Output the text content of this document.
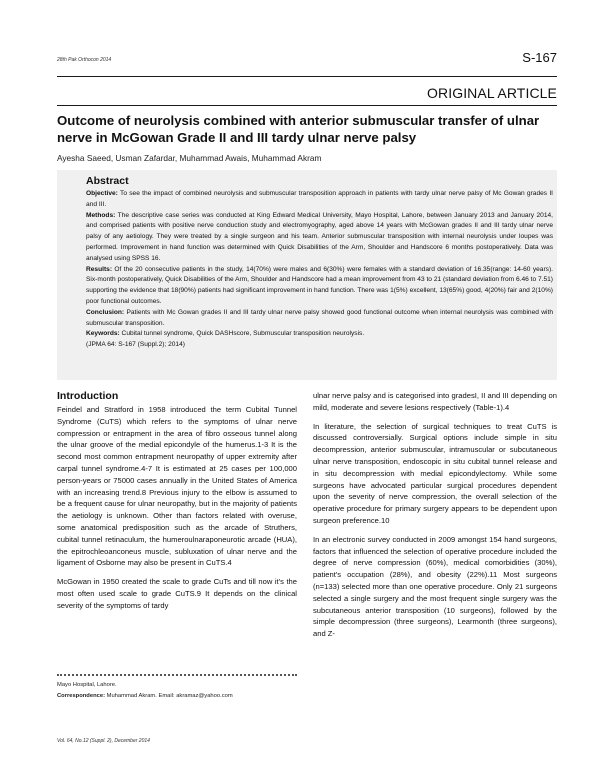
28th Pak Orthocon 2014	S-167
ORIGINAL ARTICLE
Outcome of neurolysis combined with anterior submuscular transfer of ulnar nerve in McGowan Grade II and III tardy ulnar nerve palsy
Ayesha Saeed, Usman Zafardar, Muhammad Awais, Muhammad Akram
Abstract

Objective: To see the impact of combined neurolysis and submuscular transposition approach in patients with tardy ulnar nerve palsy of Mc Gowan grades II and III.

Methods: The descriptive case series was conducted at King Edward Medical University, Mayo Hospital, Lahore, between January 2013 and January 2014, and comprised patients with positive nerve conduction study and electromyography, aged above 14 years with McGowan grades II and III tardy ulnar nerve palsy of any aetiology. They were treated by a single surgeon and his team. Anterior submuscular transposition with internal neurolysis under loupes was performed. Improvement in hand function was determined with Quick Disabilities of the Arm, Shoulder and Handscore 6 months postoperatively. Data was analysed using SPSS 16.

Results: Of the 20 consecutive patients in the study, 14(70%) were males and 6(30%) were females with a standard deviation of 16.35(range: 14-60 years). Six-month postoperatively, Quick Disabilities of the Arm, Shoulder and Handscore had a mean improvement from 43 to 21 (standard deviation from 6.46 to 7.51) supporting the evidence that 18(90%) patients had significant improvement in hand function. There was 1(5%) excellent, 13(65%) good, 4(20%) fair and 2(10%) poor functional outcomes.

Conclusion: Patients with Mc Gowan grades II and III tardy ulnar nerve palsy showed good functional outcome when internal neurolysis was combined with submuscular transposition.

Keywords: Cubital tunnel syndrome, Quick DASHscore, Submuscular transposition neurolysis.

(JPMA 64: S-167 (Suppl.2); 2014)

Introduction

Feindel and Stratford in 1958 introduced the term Cubital Tunnel Syndrome (CuTS) which refers to the symptoms of ulnar nerve compression or entrapment in the area of fibro osseous tunnel along the ulnar groove of the medial epicondyle of the humerus.1-3 It is the second most common entrapment neuropathy of upper extremity after carpal tunnel syndrome.4-7 It is estimated at 25 cases per 100,000 person-years or 75000 cases annually in the United States of America with an increasing trend.8 Previous injury to the elbow is assumed to be a frequent cause for ulnar neuropathy, but in the majority of patients the aetiology is unknown. Other than factors related with overuse, some anatomical predisposition such as the arcade of Struthers, cubital tunnel retinaculum, the humeroulnaraponeurotic arcade (HUA), the epitrochleoanconeus muscle, subluxation of ulnar nerve and the ligament of Osborne may also be present in CuTS.4

McGowan in 1950 created the scale to grade CuTs and till now it's the most often used scale to grade CuTS.9 It depends on the clinical severity of the symptoms of tardy

ulnar nerve palsy and is categorised into gradesI, II and III depending on mild, moderate and severe lesions respectively (Table-1).4

In literature, the selection of surgical techniques to treat CuTS is discussed controversially. Surgical options include simple in situ decompression, anterior submuscular, intramuscular or subcutaneous ulnar nerve transposition, endoscopic in situ cubital tunnel release and in situ decompression with medial epicondylectomy. While some surgeons have advocated particular surgical procedures dependent upon the severity of nerve compression, the overall selection of the operative procedure for primary surgery appears to be dependent upon surgeon preference.10

In an electronic survey conducted in 2009 amongst 154 hand surgeons, factors that influenced the selection of operative procedure included the degree of nerve compression (60%), medical comorbidities (30%), patient's occupation (28%), and obesity (22%).11 Most surgeons (n=133) selected more than one operative procedure. Only 21 surgeons selected a single surgery and the most frequent single surgery was the subcutaneous anterior transposition (10 surgeons), followed by the simple decompression (three surgeons), Learmonth (three surgeons), and Z-

Mayo Hospital, Lahore.
Correspondence: Muhammad Akram. Email: akramaz@yahoo.com
Vol. 64, No.12 (Suppl. 2), December 2014
